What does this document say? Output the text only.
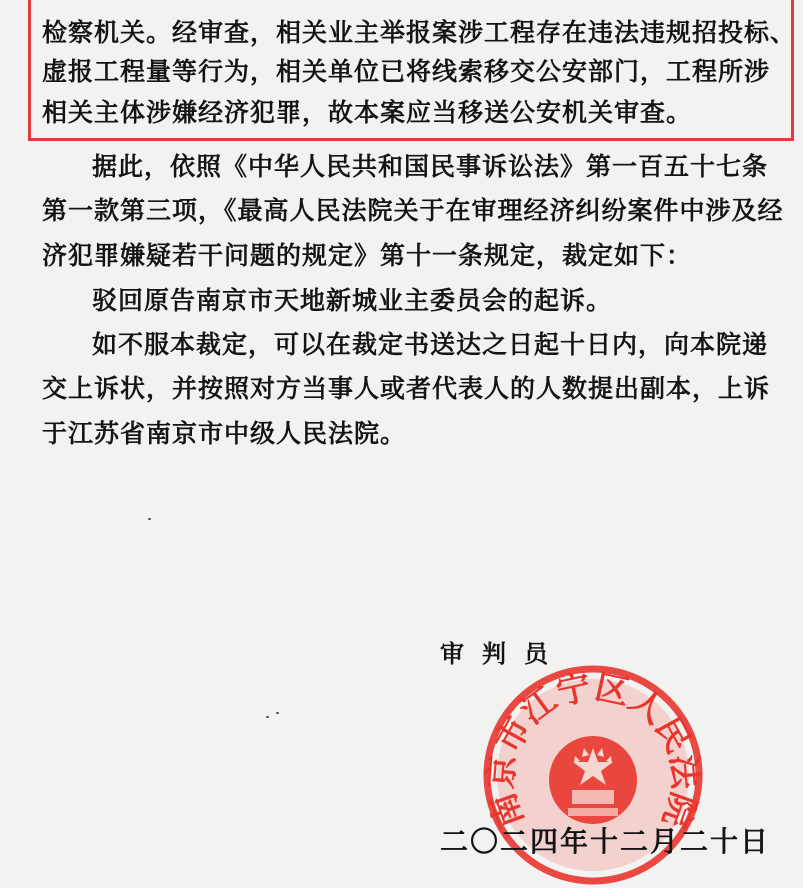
检察机关。经审查，相关业主举报案涉工程存在违法违规招投标、
虚报工程量等行为，相关单位已将线索移交公安部门，工程所涉
相关主体涉嫌经济犯罪，故本案应当移送公安机关审查。
据此，依照《中华人民共和国民事诉讼法》第一百五十七条
第一款第三项，《最高人民法院关于在审理经济纠纷案件中涉及经
济犯罪嫌疑若干问题的规定》第十一条规定，裁定如下：
驳回原告南京市天地新城业主委员会的起诉。
如不服本裁定，可以在裁定书送达之日起十日内，向本院递
交上诉状，并按照对方当事人或者代表人的人数提出副本，上诉
于江苏省南京市中级人民法院。
审判员
南京市江宁区人民法院
二〇二四年十二月二十日
